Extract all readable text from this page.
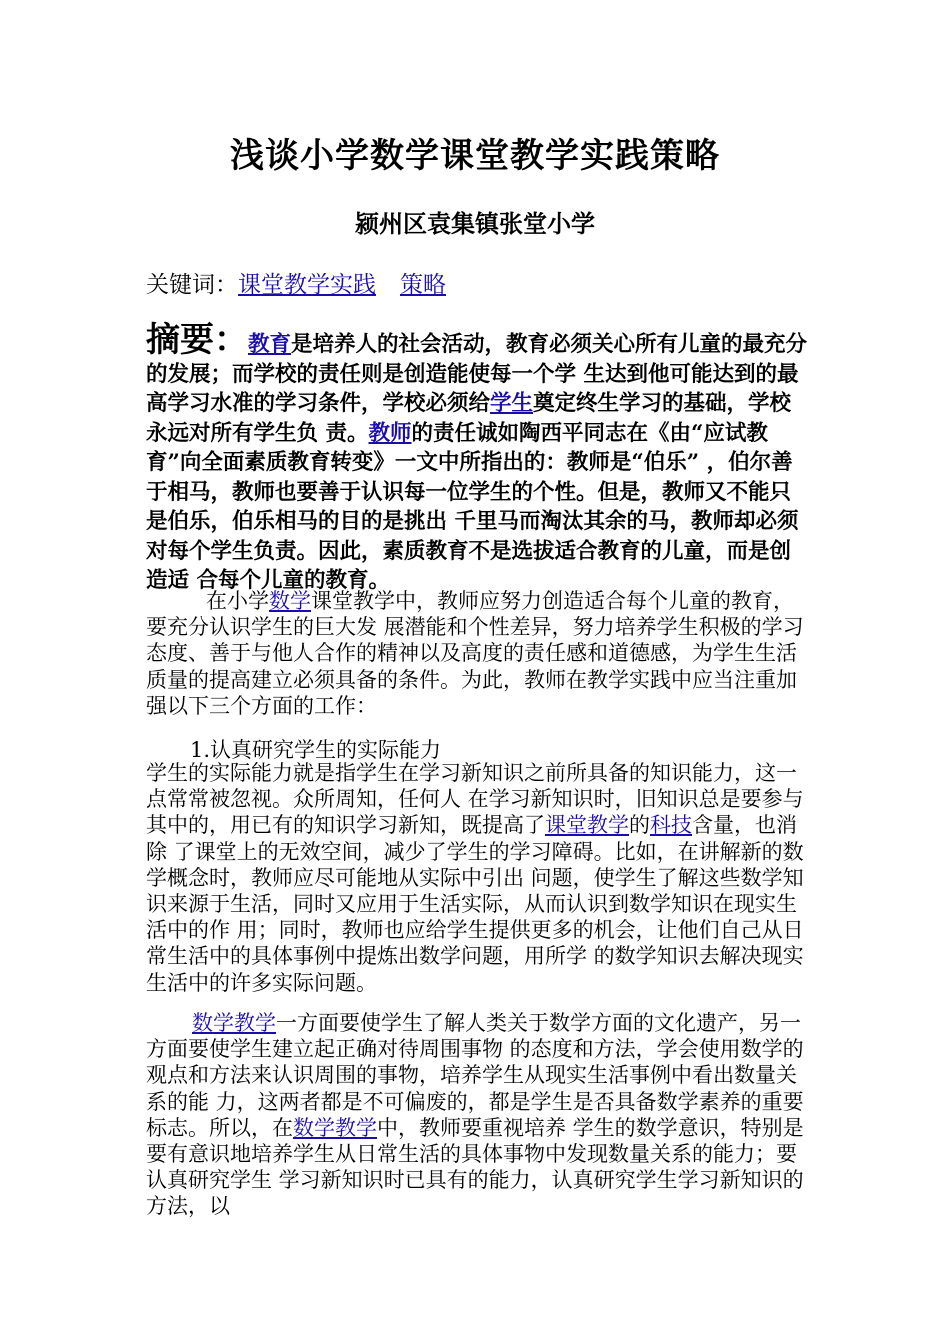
浅谈小学数学课堂教学实践策略
颍州区袁集镇张堂小学
关键词：课堂教学实践 策略
摘要：教育是培养人的社会活动，教育必须关心所有儿童的最充分的发展；而学校的责任则是创造能使每一个学 生达到他可能达到的最高学习水准的学习条件，学校必须给学生奠定终生学习的基础，学校永远对所有学生负 责。教师的责任诚如陶西平同志在《由“应试教育”向全面素质教育转变》一文中所指出的：教师是“伯乐” ，伯尔善于相马，教师也要善于认识每一位学生的个性。但是，教师又不能只是伯乐，伯乐相马的目的是挑出 千里马而淘汰其余的马，教师却必须对每个学生负责。因此，素质教育不是选拔适合教育的儿童，而是创造适 合每个儿童的教育。
在小学数学课堂教学中，教师应努力创造适合每个儿童的教育，要充分认识学生的巨大发 展潜能和个性差异，努力培养学生积极的学习态度、善于与他人合作的精神以及高度的责任感和道德感，为学生生活质量的提高建立必须具备的条件。为此，教师在教学实践中应当注重加强以下三个方面的工作：
1.认真研究学生的实际能力
学生的实际能力就是指学生在学习新知识之前所具备的知识能力，这一点常常被忽视。众所周知，任何人 在学习新知识时，旧知识总是要参与其中的，用已有的知识学习新知，既提高了课堂教学的科技含量，也消除 了课堂上的无效空间，减少了学生的学习障碍。比如，在讲解新的数学概念时，教师应尽可能地从实际中引出 问题，使学生了解这些数学知识来源于生活，同时又应用于生活实际，从而认识到数学知识在现实生活中的作 用；同时，教师也应给学生提供更多的机会，让他们自己从日常生活中的具体事例中提炼出数学问题，用所学 的数学知识去解决现实生活中的许多实际问题。
数学教学一方面要使学生了解人类关于数学方面的文化遗产，另一方面要使学生建立起正确对待周围事物 的态度和方法，学会使用数学的观点和方法来认识周围的事物，培养学生从现实生活事例中看出数量关系的能 力，这两者都是不可偏废的，都是学生是否具备数学素养的重要标志。所以，在数学教学中，教师要重视培养 学生的数学意识，特别是要有意识地培养学生从日常生活的具体事物中发现数量关系的能力；要认真研究学生 学习新知识时已具有的能力，认真研究学生学习新知识的方法，以
